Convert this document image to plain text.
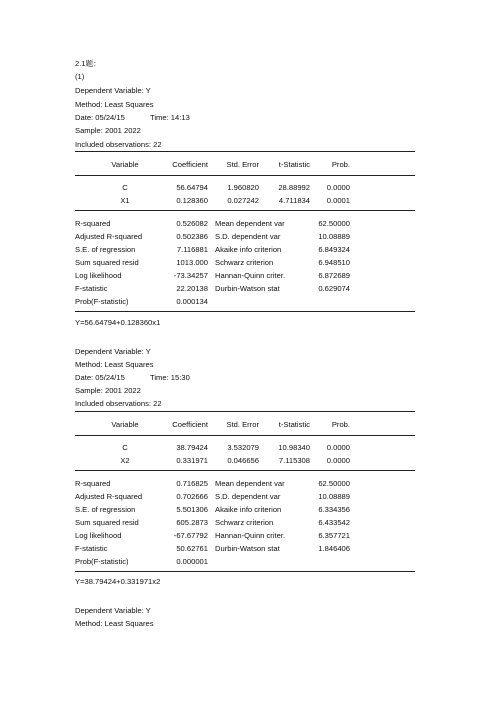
2.1题：
(1)
Dependent Variable: Y
Method: Least Squares
Date: 05/24/15	Time: 14:13
Sample: 2001 2022
Included observations: 22
Variable	Coefficient	Std. Error	t-Statistic	Prob.
C	56.64794	1.960820	28.88992	0.0000
X1	0.128360	0.027242	4.711834	0.0001
R-squared	0.526082 Mean dependent var	62.50000
Adjusted R-squared	0.502386 S.D. dependent var	10.08889
S.E. of regression	7.116881 Akaike info criterion	6.849324
Sum squared resid	1013.000 Schwarz criterion	6.948510
Log likelihood	-73.34257 Hannan-Quinn criter.	6.872689
F-statistic	22.20138 Durbin-Watson stat	0.629074
Prob(F-statistic)	0.000134
Y=56.64794+0.128360x1
Dependent Variable: Y
Method: Least Squares
Date: 05/24/15	Time: 15:30
Sample: 2001 2022
Included observations: 22
Variable	Coefficient	Std. Error	t-Statistic	Prob.
C	38.79424	3.532079	10.98340	0.0000
X2	0.331971	0.046656	7.115308	0.0000
R-squared	0.716825 Mean dependent var	62.50000
Adjusted R-squared	0.702666 S.D. dependent var	10.08889
S.E. of regression	5.501306 Akaike info criterion	6.334356
Sum squared resid	605.2873 Schwarz criterion	6.433542
Log likelihood	-67.67792 Hannan-Quinn criter.	6.357721
F-statistic	50.62761 Durbin-Watson stat	1.846406
Prob(F-statistic)	0.000001
Y=38.79424+0.331971x2
Dependent Variable: Y
Method: Least Squares
